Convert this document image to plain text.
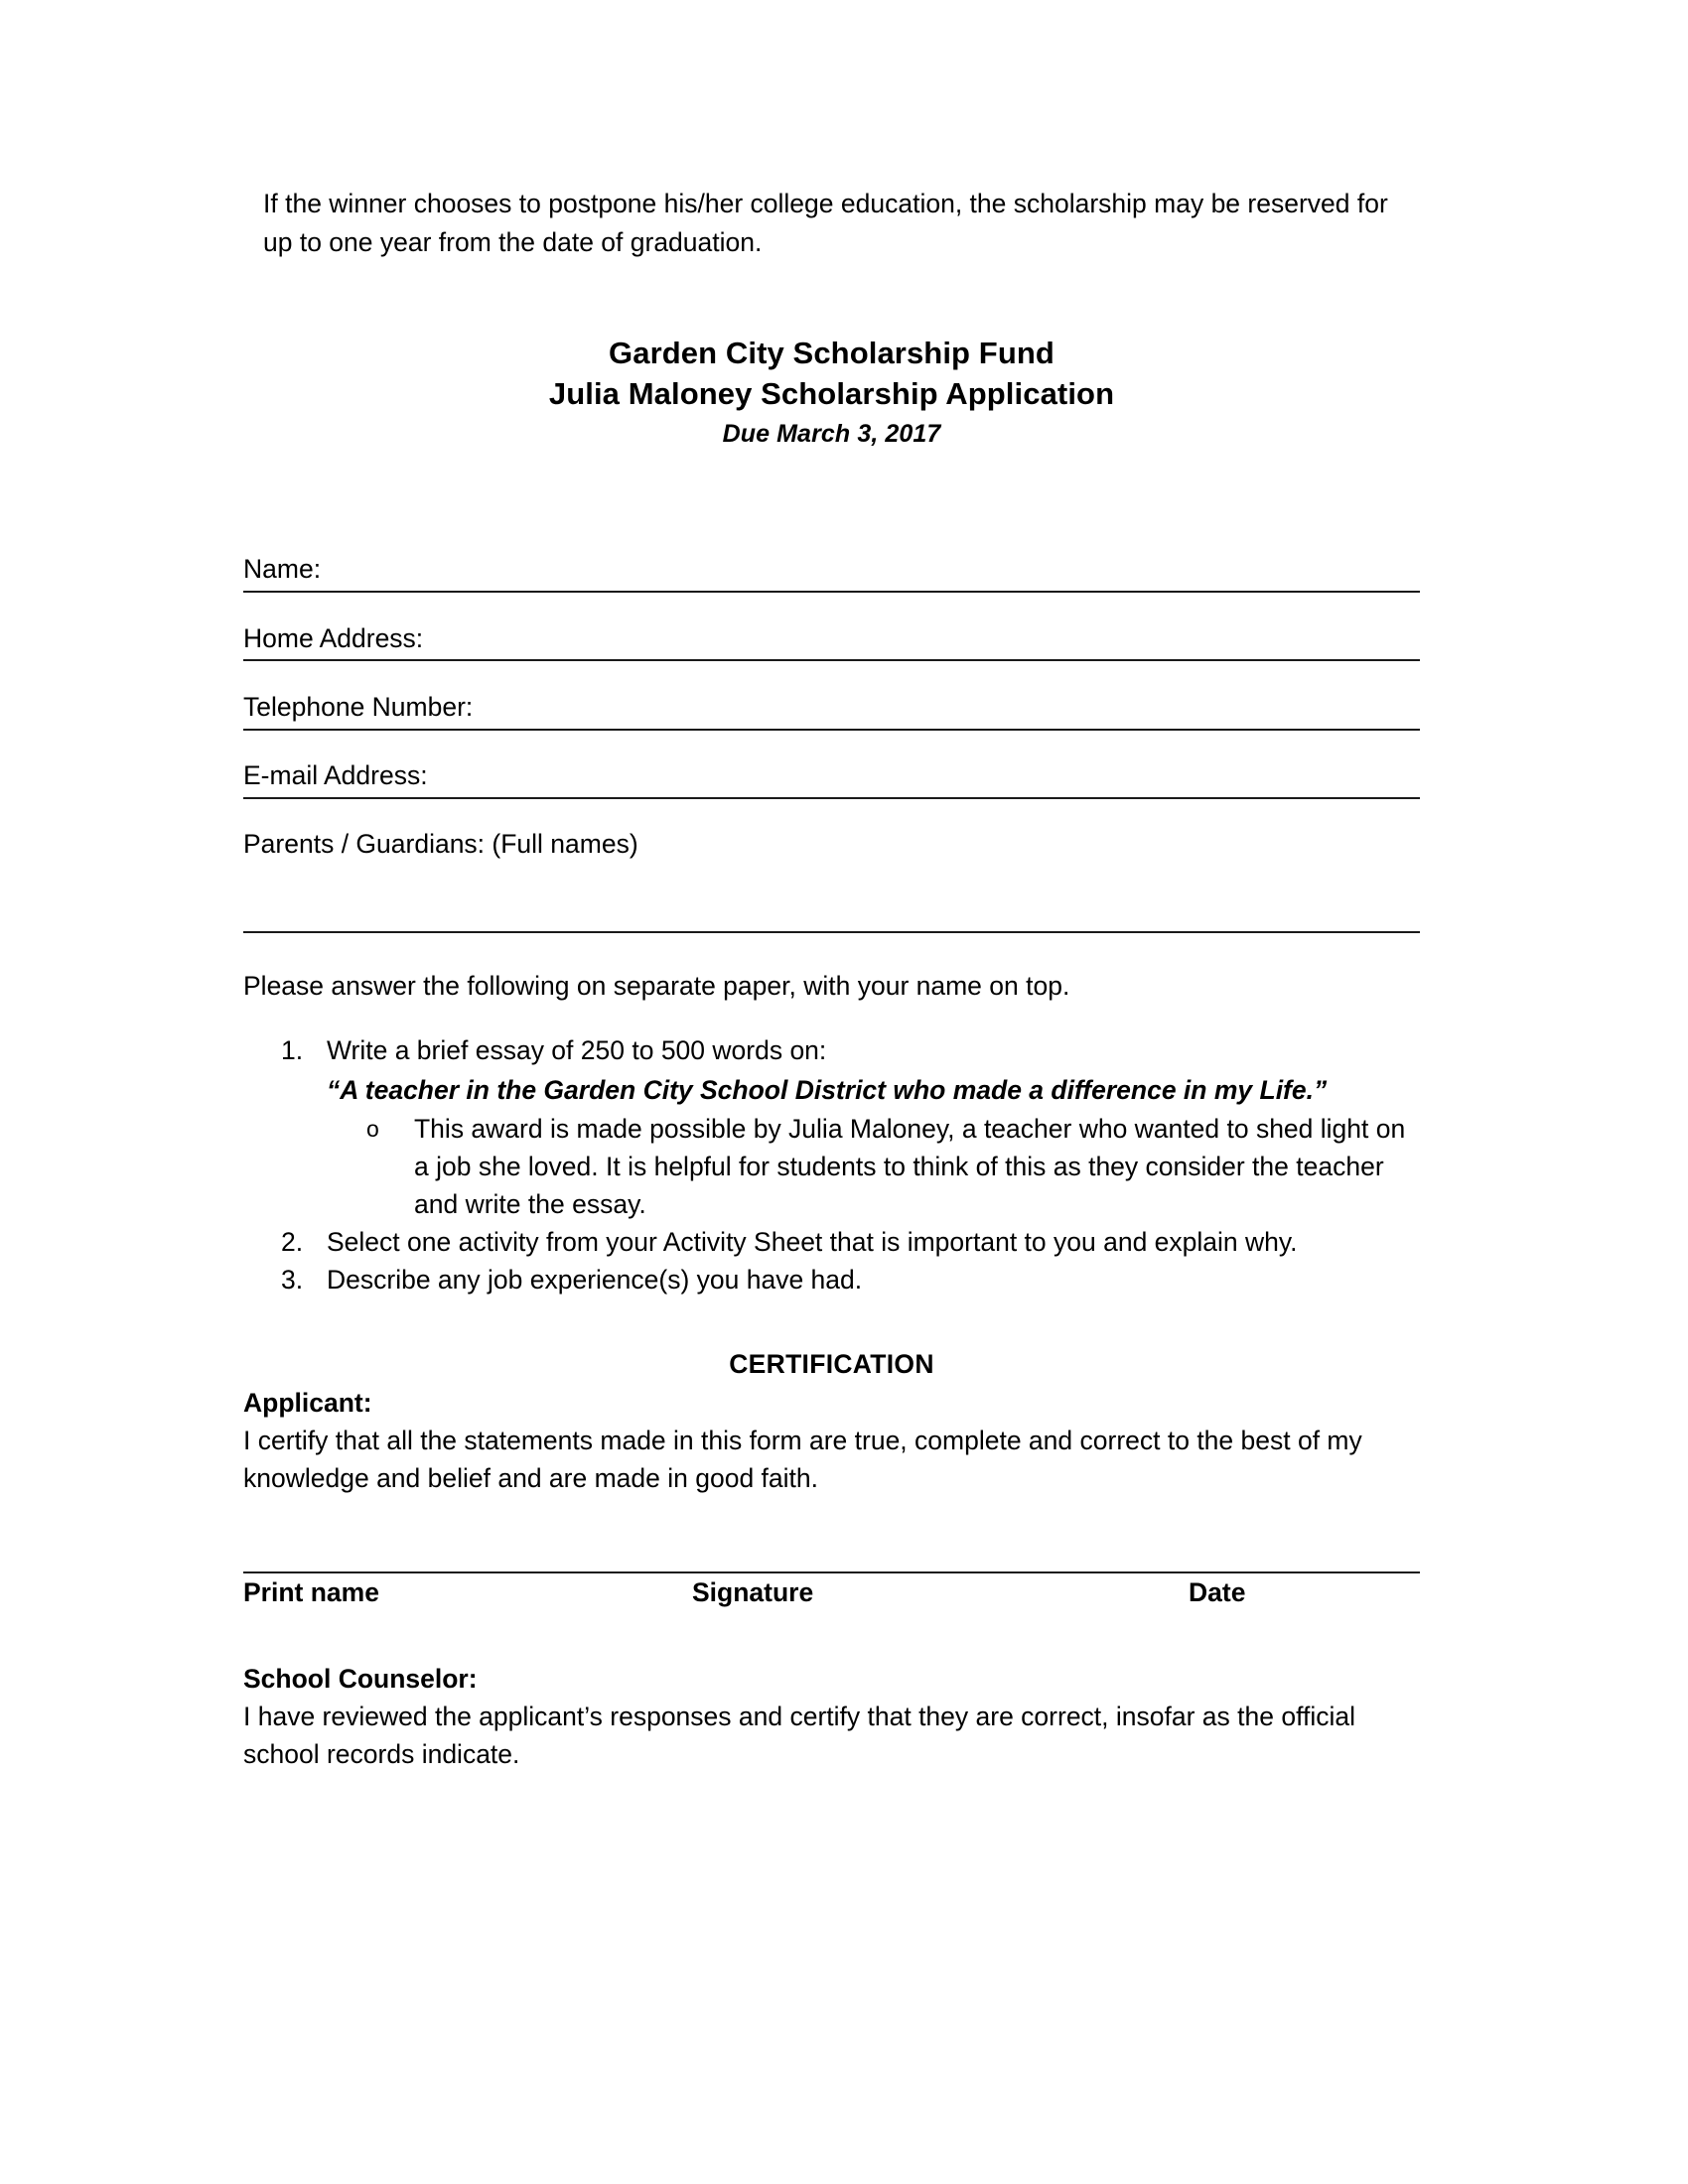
If the winner chooses to postpone his/her college education, the scholarship may be reserved for up to one year from the date of graduation.

Garden City Scholarship Fund
Julia Maloney Scholarship Application
Due March 3, 2017
Name:
Home Address:
Telephone Number:
E-mail Address:
Parents / Guardians: (Full names)
Please answer the following on separate paper, with your name on top.
1. Write a brief essay of 250 to 500 words on:
“A teacher in the Garden City School District who made a difference in my Life.”
o This award is made possible by Julia Maloney, a teacher who wanted to shed light on a job she loved. It is helpful for students to think of this as they consider the teacher and write the essay.
2. Select one activity from your Activity Sheet that is important to you and explain why.
3. Describe any job experience(s) you have had.
CERTIFICATION
Applicant:
I certify that all the statements made in this form are true, complete and correct to the best of my knowledge and belief and are made in good faith.
Print name	Signature	Date
School Counselor:
I have reviewed the applicant’s responses and certify that they are correct, insofar as the official school records indicate.
